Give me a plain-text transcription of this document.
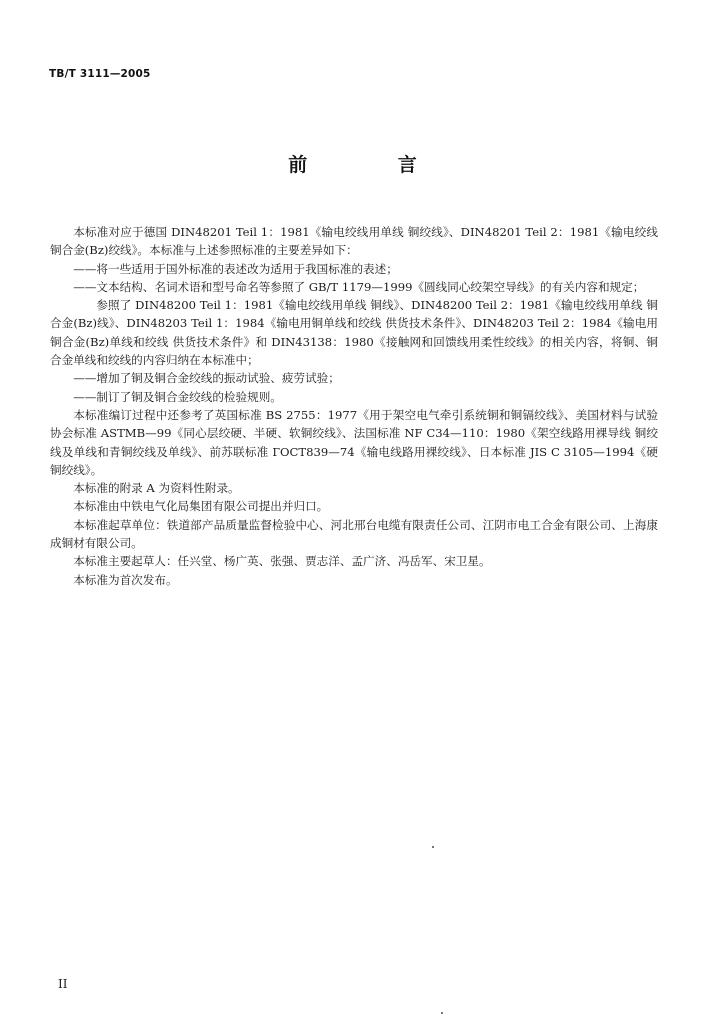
TB/T 3111—2005
前 言

本标准对应于德国 DIN48201 Teil 1：1981《输电绞线用单线 铜绞线》、DIN48201 Teil 2：1981《输电绞线 铜合金(Bz)绞线》。本标准与上述参照标准的主要差异如下：

——将一些适用于国外标准的表述改为适用于我国标准的表述；

——文本结构、名词术语和型号命名等参照了 GB/T 1179—1999《圆线同心绞架空导线》的有关内容和规定；

参照了 DIN48200 Teil 1：1981《输电绞线用单线 铜线》、DIN48200 Teil 2：1981《输电绞线用单线 铜合金(Bz)线》、DIN48203 Teil 1：1984《输电用铜单线和绞线 供货技术条件》、DIN48203 Teil 2：1984《输电用铜合金(Bz)单线和绞线 供货技术条件》和 DIN43138：1980《接触网和回馈线用柔性绞线》的相关内容，将铜、铜合金单线和绞线的内容归纳在本标准中；

——增加了铜及铜合金绞线的振动试验、疲劳试验；

——制订了铜及铜合金绞线的检验规则。

本标准编订过程中还参考了英国标准 BS 2755：1977《用于架空电气牵引系统铜和铜镉绞线》、美国材料与试验协会标准 ASTMB—99《同心层绞硬、半硬、软铜绞线》、法国标准 NF C34—110：1980《架空线路用裸导线 铜绞线及单线和青铜绞线及单线》、前苏联标准 ГОСТ839—74《输电线路用裸绞线》、日本标准 JIS C 3105—1994《硬铜绞线》。

本标准的附录 A 为资料性附录。

本标准由中铁电气化局集团有限公司提出并归口。

本标准起草单位：铁道部产品质量监督检验中心、河北邢台电缆有限责任公司、江阴市电工合金有限公司、上海康成铜材有限公司。

本标准主要起草人：任兴堂、杨广英、张强、贾志洋、孟广济、冯岳军、宋卫星。

本标准为首次发布。

II
